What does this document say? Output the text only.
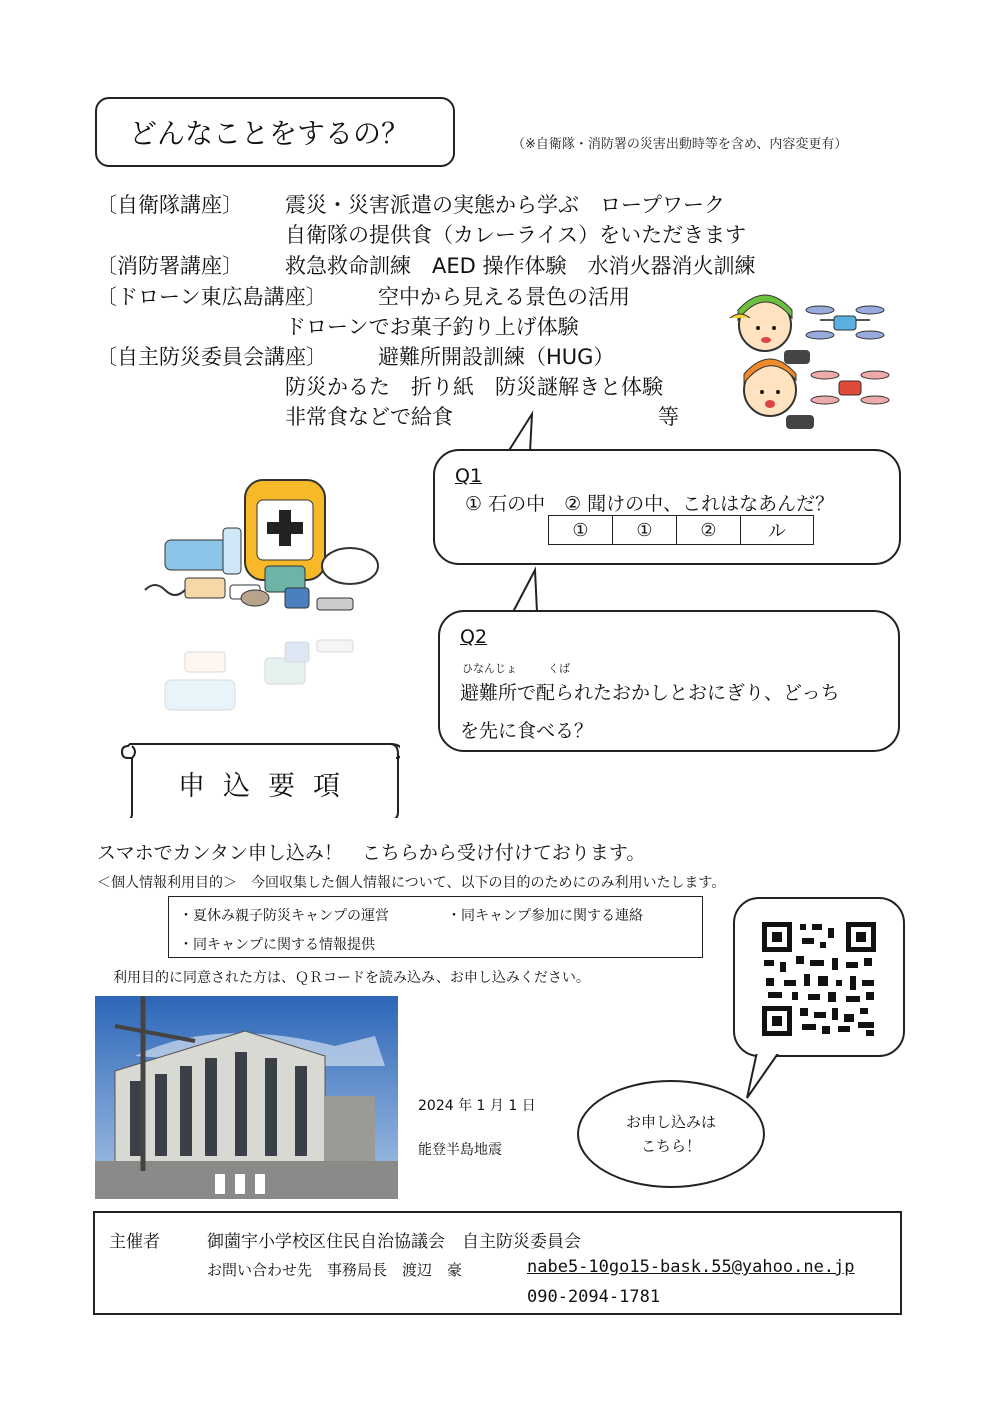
どんなことをするの？	（※自衛隊・消防署の災害出動時等を含め、内容変更有）
〔自衛隊講座〕 震災・災害派遣の実態から学ぶ　ロープワーク
自衛隊の提供食（カレーライス）をいただきます
〔消防署講座〕 救急救命訓練　AED 操作体験　水消火器消火訓練
〔ドローン東広島講座〕 空中から見える景色の活用
ドローンでお菓子釣り上げ体験
〔自主防災委員会講座〕 避難所開設訓練（HUG）
防災かるた　折り紙　防災謎解きと体験
非常食などで給食	等
Q1
① 石の中　② 聞けの中、これはなあんだ？
①	①	②	ル
Q2
ひなんじょ	くば
避難所で配られたおかしとおにぎり、どっち
を先に食べる？
申込要項
スマホでカンタン申し込み！　こちらから受け付けております。
＜個人情報利用目的＞　今回収集した個人情報について、以下の目的のためにのみ利用いたします。
・夏休み親子防災キャンプの運営	・同キャンプ参加に関する連絡
・同キャンプに関する情報提供
利用目的に同意された方は、ＱＲコードを読み込み、お申し込みください。
2024 年 1 月 1 日
能登半島地震
お申し込みは
こちら！
主催者	御薗宇小学校区住民自治協議会　自主防災委員会
お問い合わせ先　事務局長　渡辺　豪	nabe5-10go15-bask.55@yahoo.ne.jp
090-2094-1781
